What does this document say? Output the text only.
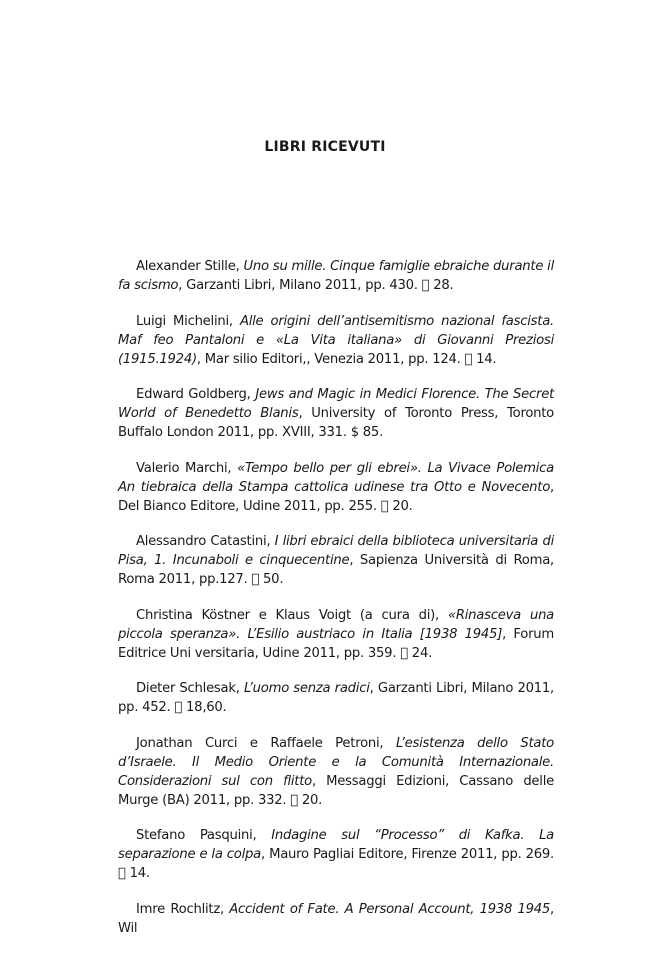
LIBRI RICEVUTI

Alexander Stille, Uno su mille. Cinque famiglie ebraiche durante il fa scismo, Garzanti Libri, Milano 2011, pp. 430.   28.

Luigi Michelini, Alle origini dell’antisemitismo nazional fascista. Maf feo Pantaloni e «La Vita italiana» di Giovanni Preziosi (1915.1924), Mar silio Editori,, Venezia 2011, pp. 124.   14.

Edward Goldberg, Jews and Magic in Medici Florence. The Secret World of Benedetto Blanis, University of Toronto Press, Toronto Buffalo London 2011, pp. XVIII, 331. $ 85.

Valerio Marchi, «Tempo bello per gli ebrei». La Vivace Polemica An tiebraica della Stampa cattolica udinese tra Otto e Novecento, Del Bianco Editore, Udine 2011, pp. 255.   20.

Alessandro Catastini, I libri ebraici della biblioteca universitaria di Pisa, 1. Incunaboli e cinquecentine, Sapienza Università di Roma, Roma 2011, pp.127.   50.

Christina Köstner e Klaus Voigt (a cura di), «Rinasceva una piccola speranza». L’Esilio austriaco in Italia [1938 1945], Forum Editrice Uni versitaria, Udine 2011, pp. 359.   24.

Dieter Schlesak, L’uomo senza radici, Garzanti Libri, Milano 2011, pp. 452.   18,60.

Jonathan Curci e Raffaele Petroni, L’esistenza dello Stato d’Israele. Il Medio Oriente e la Comunità Internazionale. Considerazioni sul con flitto, Messaggi Edizioni, Cassano delle Murge (BA) 2011, pp. 332.   20.

Stefano Pasquini, Indagine sul “Processo” di Kafka. La separazione e la colpa, Mauro Pagliai Editore, Firenze 2011, pp. 269.   14.

Imre Rochlitz, Accident of Fate. A Personal Account, 1938 1945, Wil
